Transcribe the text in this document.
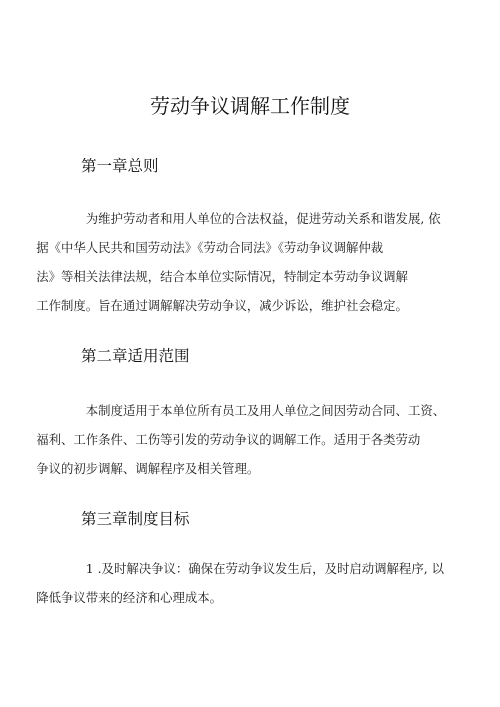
劳动争议调解工作制度
第一章总则

为维护劳动者和用人单位的合法权益，促进劳动关系和谐发展, 依
据《中华人民共和国劳动法》《劳动合同法》《劳动争议调解仲裁
法》等相关法律法规，结合本单位实际情况，特制定本劳动争议调解
工作制度。旨在通过调解解决劳动争议，减少诉讼，维护社会稳定。

第二章适用范围

本制度适用于本单位所有员工及用人单位之间因劳动合同、工资、
福利、工作条件、工伤等引发的劳动争议的调解工作。适用于各类劳动
争议的初步调解、调解程序及相关管理。

第三章制度目标

1 .及时解决争议：确保在劳动争议发生后，及时启动调解程序, 以
降低争议带来的经济和心理成本。
